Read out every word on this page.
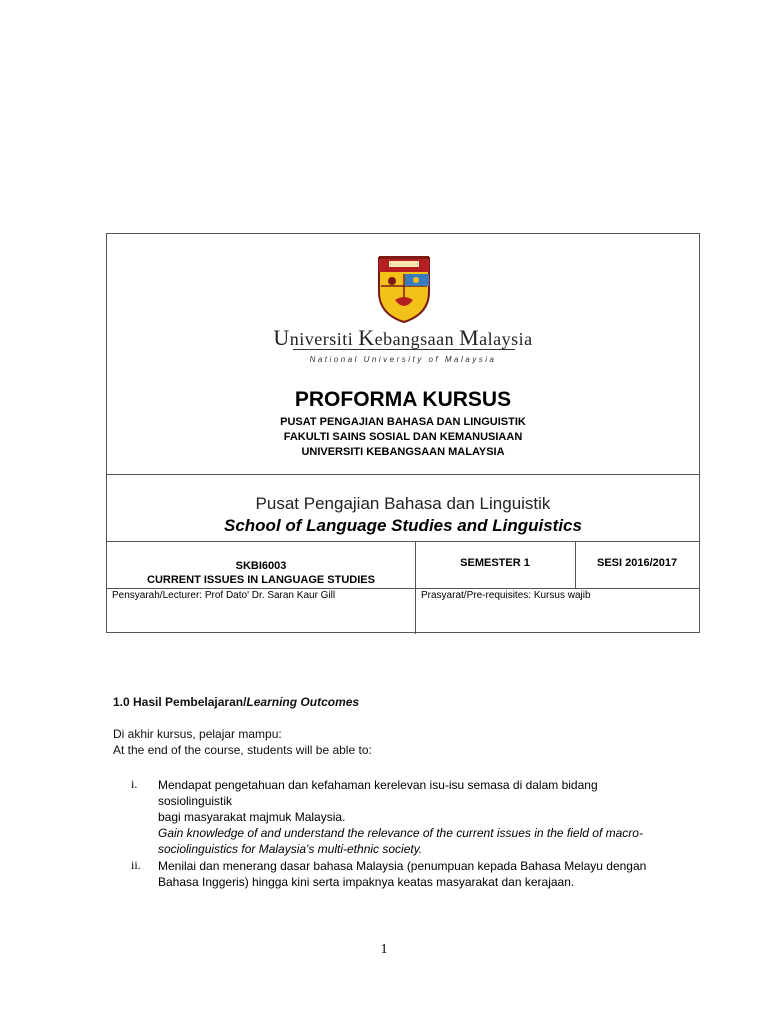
Universiti Kebangsaan Malaysia
National University of Malaysia
PROFORMA KURSUS
PUSAT PENGAJIAN BAHASA DAN LINGUISTIK
FAKULTI SAINS SOSIAL DAN KEMANUSIAAN
UNIVERSITI KEBANGSAAN MALAYSIA
Pusat Pengajian Bahasa dan Linguistik
School of Language Studies and Linguistics
SKBI6003
CURRENT ISSUES IN LANGUAGE STUDIES
SEMESTER 1	SESI 2016/2017
Pensyarah/Lecturer: Prof Dato' Dr. Saran Kaur Gill	Prasyarat/Pre-requisites: Kursus wajib
1.0 Hasil Pembelajaran/Learning Outcomes
Di akhir kursus, pelajar mampu:
At the end of the course, students will be able to:
i. Mendapat pengetahuan dan kefahaman kerelevan isu-isu semasa di dalam bidang sosiolinguistik
bagi masyarakat majmuk Malaysia.
Gain knowledge of and understand the relevance of the current issues in the field of macro-
sociolinguistics for Malaysia's multi-ethnic society.
ii. Menilai dan menerang dasar bahasa Malaysia (penumpuan kepada Bahasa Melayu dengan
Bahasa Inggeris) hingga kini serta impaknya keatas masyarakat dan kerajaan.
1
